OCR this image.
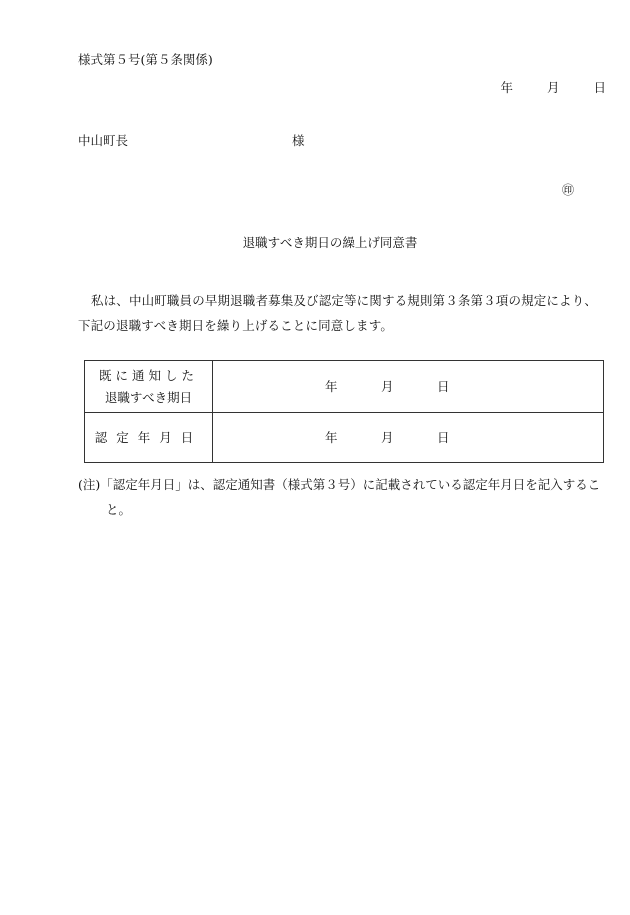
様式第５号(第５条関係)
年	月	日
中山町長	様
㊞
退職すべき期日の繰上げ同意書
私は、中山町職員の早期退職者募集及び認定等に関する規則第３条第３項の規定により、下記の退職すべき期日を繰り上げることに同意します。
既に通知した
退職すべき期日	年 月 日

認定年月日	年 月 日
(注)「認定年月日」は、認定通知書（様式第３号）に記載されている認定年月日を記入すること。
